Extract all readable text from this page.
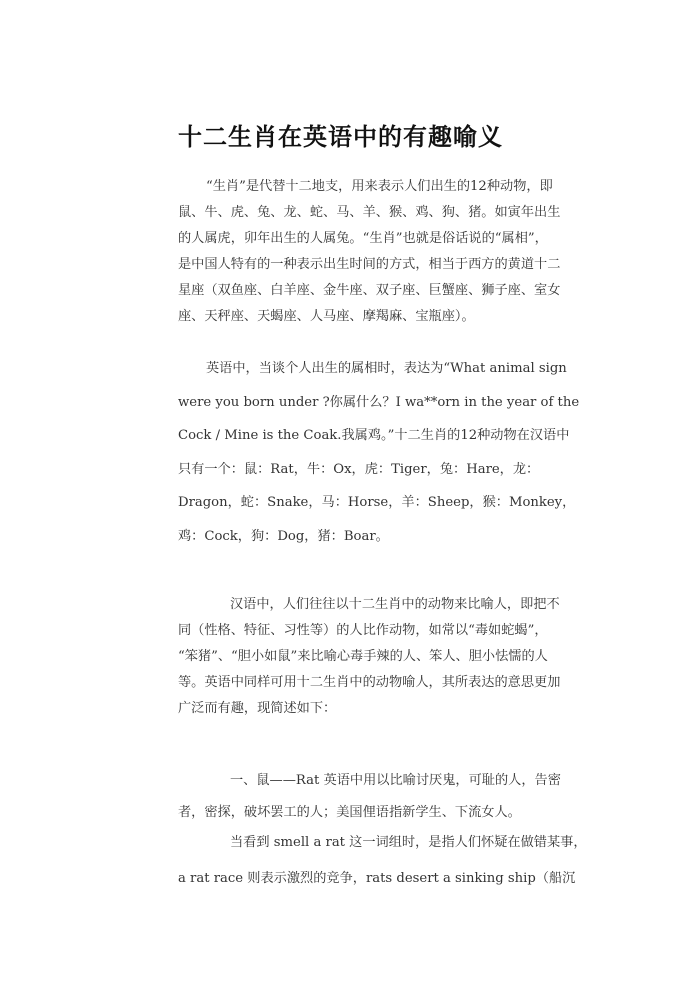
十二生肖在英语中的有趣喻义
“生肖”是代替十二地支，用来表示人们出生的12种动物，即
鼠、牛、虎、兔、龙、蛇、马、羊、猴、鸡、狗、猪。如寅年出生
的人属虎，卯年出生的人属兔。“生肖”也就是俗话说的“属相”，
是中国人特有的一种表示出生时间的方式，相当于西方的黄道十二
星座（双鱼座、白羊座、金牛座、双子座、巨蟹座、狮子座、室女
座、天秤座、天蝎座、人马座、摩羯麻、宝瓶座）。
英语中，当谈个人出生的属相时，表达为“What animal sign
were you born under ?你属什么？I wa**orn in the year of the
Cock / Mine is the Coak.我属鸡。”十二生肖的12种动物在汉语中
只有一个：鼠：Rat，牛：Ox，虎：Tiger，兔：Hare，龙：
Dragon，蛇：Snake，马：Horse，羊：Sheep，猴：Monkey，
鸡：Cock，狗：Dog，猪：Boar。
汉语中，人们往往以十二生肖中的动物来比喻人，即把不
同（性格、特征、习性等）的人比作动物，如常以“毒如蛇蝎”，
“笨猪”、“胆小如鼠”来比喻心毒手辣的人、笨人、胆小怯懦的人
等。英语中同样可用十二生肖中的动物喻人，其所表达的意思更加
广泛而有趣，现简述如下：
一、鼠——Rat 英语中用以比喻讨厌鬼，可耻的人，告密
者，密探，破坏罢工的人；美国俚语指新学生、下流女人。
当看到 smell a rat 这一词组时，是指人们怀疑在做错某事，
a rat race 则表示激烈的竞争，rats desert a sinking ship（船沉
